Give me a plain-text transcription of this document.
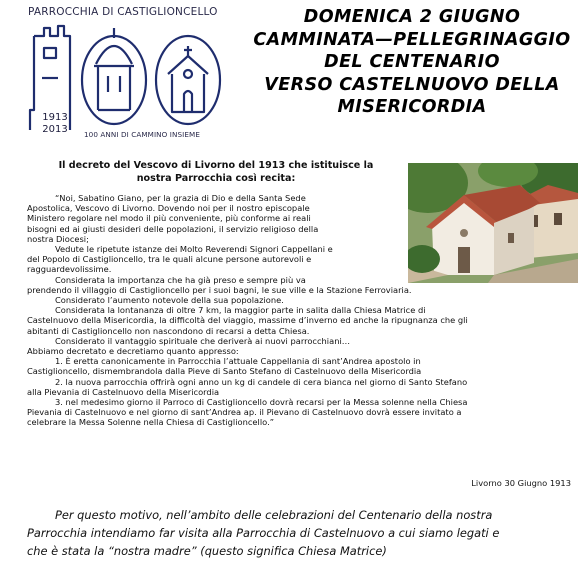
PARROCCHIA DI CASTIGLIONCELLO
1913
2013	100 ANNI DI CAMMINO INSIEME
DOMENICA 2 GIUGNO
CAMMINATA—PELLEGRINAGGIO
DEL CENTENARIO
VERSO CASTELNUOVO DELLA
MISERICORDIA
Il decreto del Vescovo di Livorno del 1913 che istituisce la
nostra Parrocchia così recita:
“Noi, Sabatino Giano, per la grazia di Dio e della Santa Sede
Apostolica, Vescovo di Livorno. Dovendo noi per il nostro episcopale
Ministero regolare nel modo il più conveniente, più conforme ai reali
bisogni ed ai giusti desideri delle popolazioni, il servizio religioso della
nostra Diocesi;
Vedute le ripetute istanze dei Molto Reverendi Signori Cappellani e
del Popolo di Castiglioncello, tra le quali alcune persone autorevoli e
ragguardevolissime.
Considerata la importanza che ha già preso e sempre più va
prendendo il villaggio di Castiglioncello per i suoi bagni, le sue ville e la Stazione Ferroviaria.
Considerato l’aumento notevole della sua popolazione.
Considerata la lontananza di oltre 7 km, la maggior parte in salita dalla Chiesa Matrice di
Castelnuovo della Misericordia, la difficoltà del viaggio, massime d’inverno ed anche la ripugnanza che gli
abitanti di Castiglioncello non nascondono di recarsi a detta Chiesa.
Considerato il vantaggio spirituale che deriverà ai nuovi parrocchiani…
Abbiamo decretato e decretiamo quanto appresso:
1. È eretta canonicamente in Parrocchia l’attuale Cappellania di sant’Andrea apostolo in
Castiglioncello, dismembrandola dalla Pieve di Santo Stefano di Castelnuovo della Misericordia
2. la nuova parrocchia offrirà ogni anno un kg di candele di cera bianca nel giorno di Santo Stefano
alla Pievania di Castelnuovo della Misericordia
3. nel medesimo giorno il Parroco di Castiglioncello dovrà recarsi per la Messa solenne nella Chiesa
Pievania di Castelnuovo e nel giorno di sant’Andrea ap. il Pievano di Castelnuovo dovrà essere invitato a
celebrare la Messa Solenne nella Chiesa di Castiglioncello.”
Livorno 30 Giugno 1913
Per questo motivo, nell’ambito delle celebrazioni del Centenario della nostra
Parrocchia intendiamo far visita alla Parrocchia di Castelnuovo a cui siamo legati e
che è stata la “nostra madre” (questo significa Chiesa Matrice)
